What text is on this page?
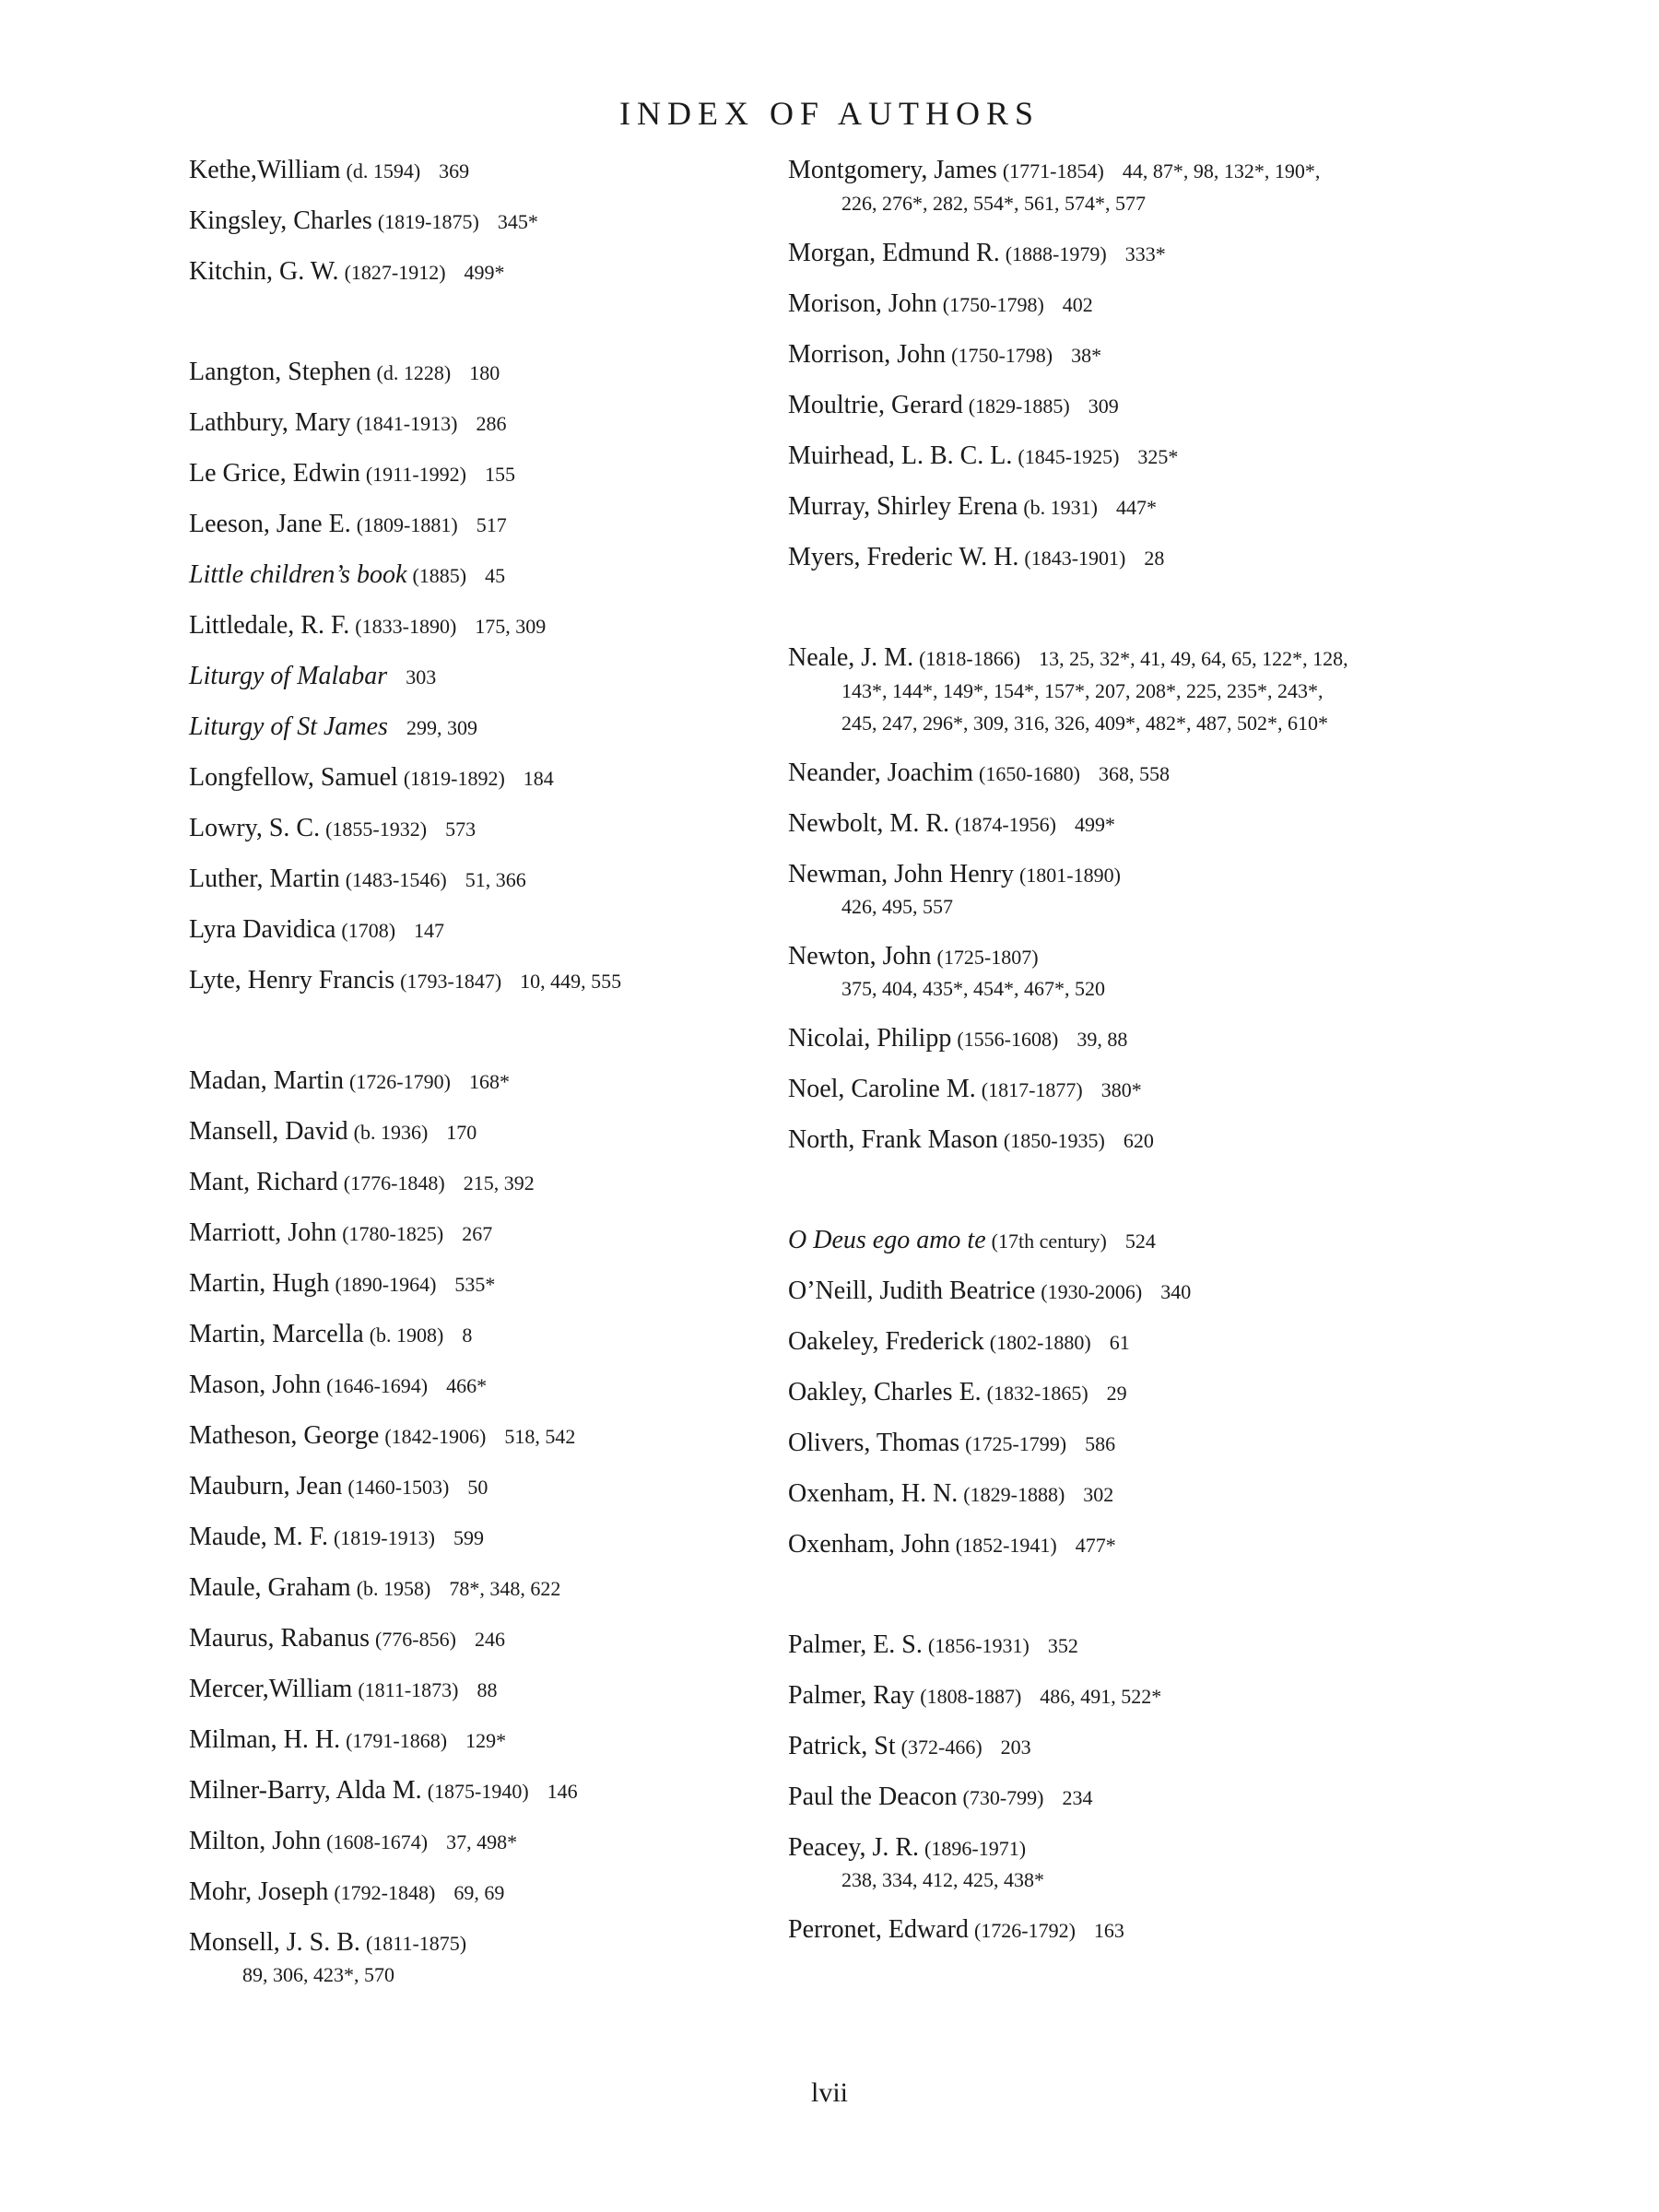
INDEX OF AUTHORS
Kethe,William (d. 1594) 369
Kingsley, Charles (1819-1875) 345*
Kitchin, G. W. (1827-1912) 499*
Langton, Stephen (d. 1228) 180
Lathbury, Mary (1841-1913) 286
Le Grice, Edwin (1911-1992) 155
Leeson, Jane E. (1809-1881) 517
Little children’s book (1885) 45
Littledale, R. F. (1833-1890) 175, 309
Liturgy of Malabar 303
Liturgy of St James 299, 309
Longfellow, Samuel (1819-1892) 184
Lowry, S. C. (1855-1932) 573
Luther, Martin (1483-1546) 51, 366
Lyra Davidica (1708) 147
Lyte, Henry Francis (1793-1847) 10, 449, 555
Madan, Martin (1726-1790) 168*
Mansell, David (b. 1936) 170
Mant, Richard (1776-1848) 215, 392
Marriott, John (1780-1825) 267
Martin, Hugh (1890-1964) 535*
Martin, Marcella (b. 1908) 8
Mason, John (1646-1694) 466*
Matheson, George (1842-1906) 518, 542
Mauburn, Jean (1460-1503) 50
Maude, M. F. (1819-1913) 599
Maule, Graham (b. 1958) 78*, 348, 622
Maurus, Rabanus (776-856) 246
Mercer,William (1811-1873) 88
Milman, H. H. (1791-1868) 129*
Milner-Barry, Alda M. (1875-1940) 146
Milton, John (1608-1674) 37, 498*
Mohr, Joseph (1792-1848) 69, 69
Monsell, J. S. B. (1811-1875)
89, 306, 423*, 570
Montgomery, James (1771-1854) 44, 87*, 98, 132*, 190*, 226, 276*, 282, 554*, 561, 574*, 577
Morgan, Edmund R. (1888-1979) 333*
Morison, John (1750-1798) 402
Morrison, John (1750-1798) 38*
Moultrie, Gerard (1829-1885) 309
Muirhead, L. B. C. L. (1845-1925) 325*
Murray, Shirley Erena (b. 1931) 447*
Myers, Frederic W. H. (1843-1901) 28
Neale, J. M. (1818-1866) 13, 25, 32*, 41, 49, 64, 65, 122*, 128, 143*, 144*, 149*, 154*, 157*, 207, 208*, 225, 235*, 243*, 245, 247, 296*, 309, 316, 326, 409*, 482*, 487, 502*, 610*
Neander, Joachim (1650-1680) 368, 558
Newbolt, M. R. (1874-1956) 499*
Newman, John Henry (1801-1890)
426, 495, 557
Newton, John (1725-1807)
375, 404, 435*, 454*, 467*, 520
Nicolai, Philipp (1556-1608) 39, 88
Noel, Caroline M. (1817-1877) 380*
North, Frank Mason (1850-1935) 620
O Deus ego amo te (17th century) 524
O’Neill, Judith Beatrice (1930-2006) 340
Oakeley, Frederick (1802-1880) 61
Oakley, Charles E. (1832-1865) 29
Olivers, Thomas (1725-1799) 586
Oxenham, H. N. (1829-1888) 302
Oxenham, John (1852-1941) 477*
Palmer, E. S. (1856-1931) 352
Palmer, Ray (1808-1887) 486, 491, 522*
Patrick, St (372-466) 203
Paul the Deacon (730-799) 234
Peacey, J. R. (1896-1971)
238, 334, 412, 425, 438*
Perronet, Edward (1726-1792) 163
lvii
